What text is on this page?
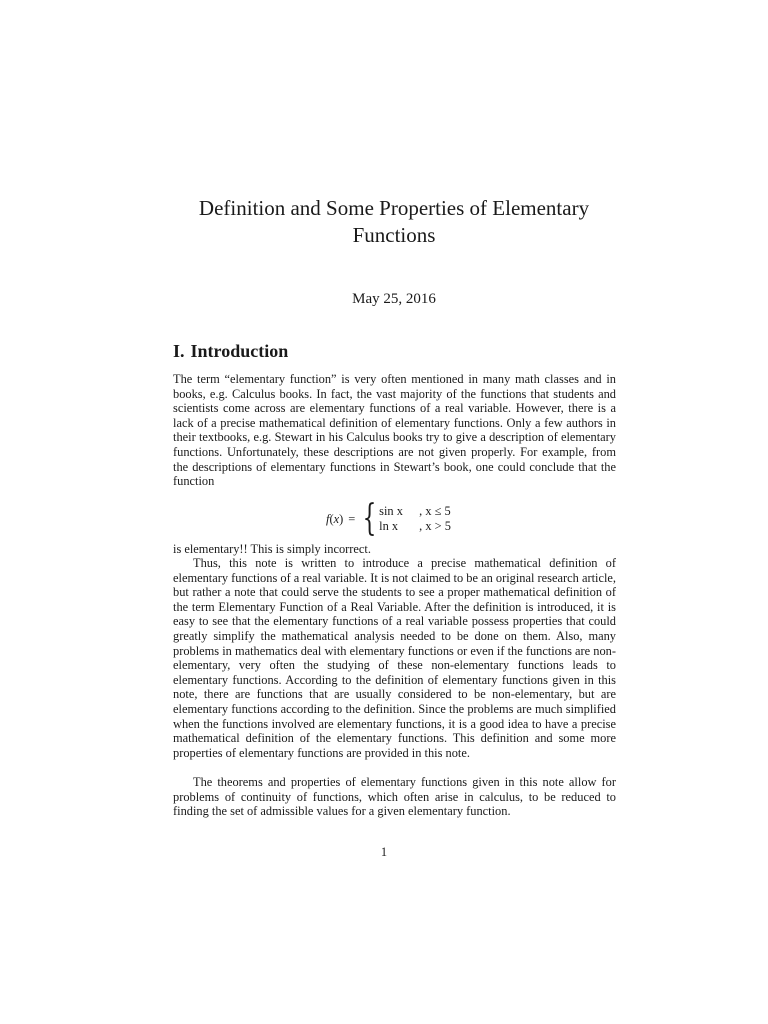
Definition and Some Properties of Elementary
Functions
May 25, 2016
I. Introduction

The term “elementary function” is very often mentioned in many math classes and in books, e.g. Calculus books. In fact, the vast majority of the functions that students and scientists come across are elementary functions of a real variable. However, there is a lack of a precise mathematical definition of elementary functions. Only a few authors in their textbooks, e.g. Stewart in his Calculus books try to give a description of elementary functions. Unfortunately, these descriptions are not given properly. For example, from the descriptions of elementary functions in Stewart’s book, one could conclude that the function

f(x) = { sin x	, x ≤ 5
ln x	, x > 5

is elementary!! This is simply incorrect.

Thus, this note is written to introduce a precise mathematical definition of elementary functions of a real variable. It is not claimed to be an original research article, but rather a note that could serve the students to see a proper mathematical definition of the term Elementary Function of a Real Variable. After the definition is introduced, it is easy to see that the elementary functions of a real variable possess properties that could greatly simplify the mathematical analysis needed to be done on them. Also, many problems in mathematics deal with elementary functions or even if the functions are non-elementary, very often the studying of these non-elementary functions leads to elementary functions. According to the definition of elementary functions given in this note, there are functions that are usually considered to be non-elementary, but are elementary functions according to the definition. Since the problems are much simplified when the functions involved are elementary functions, it is a good idea to have a precise mathematical definition of the elementary functions. This definition and some more properties of elementary functions are provided in this note.

The theorems and properties of elementary functions given in this note allow for problems of continuity of functions, which often arise in calculus, to be reduced to finding the set of admissible values for a given elementary function.

1
